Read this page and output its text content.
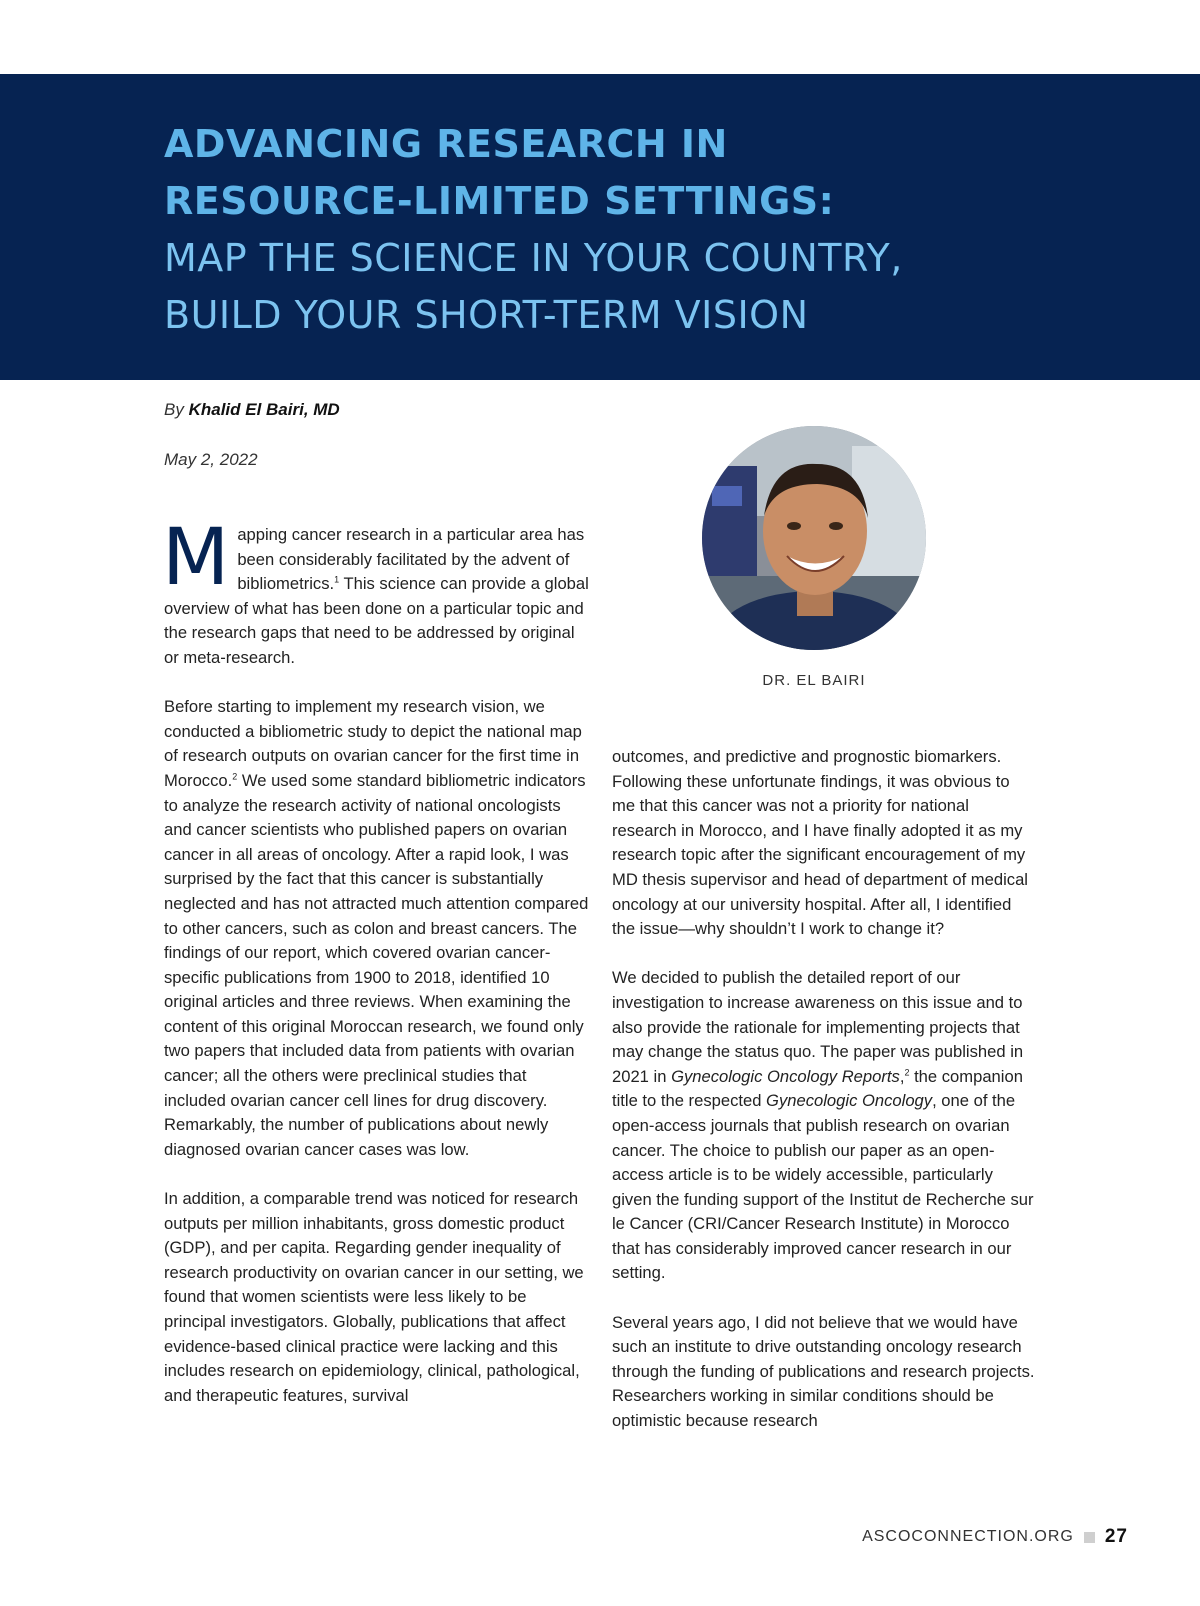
ADVANCING RESEARCH IN
RESOURCE-LIMITED SETTINGS:
MAP THE SCIENCE IN YOUR COUNTRY,
BUILD YOUR SHORT-TERM VISION
By Khalid El Bairi, MD
May 2, 2022
DR. EL BAIRI

Mapping cancer research in a particular area has been considerably facilitated by the advent of bibliometrics.$^1$ This science can provide a global overview of what has been done on a particular topic and the research gaps that need to be addressed by original or meta-research.

Before starting to implement my research vision, we conducted a bibliometric study to depict the national map of research outputs on ovarian cancer for the first time in Morocco.$^2$ We used some standard bibliometric indicators to analyze the research activity of national oncologists and cancer scientists who published papers on ovarian cancer in all areas of oncology. After a rapid look, I was surprised by the fact that this cancer is substantially neglected and has not attracted much attention compared to other cancers, such as colon and breast cancers. The findings of our report, which covered ovarian cancer-specific publications from 1900 to 2018, identified 10 original articles and three reviews. When examining the content of this original Moroccan research, we found only two papers that included data from patients with ovarian cancer; all the others were preclinical studies that included ovarian cancer cell lines for drug discovery. Remarkably, the number of publications about newly diagnosed ovarian cancer cases was low.

In addition, a comparable trend was noticed for research outputs per million inhabitants, gross domestic product (GDP), and per capita. Regarding gender inequality of research productivity on ovarian cancer in our setting, we found that women scientists were less likely to be principal investigators. Globally, publications that affect evidence-based clinical practice were lacking and this includes research on epidemiology, clinical, pathological, and therapeutic features, survival

outcomes, and predictive and prognostic biomarkers. Following these unfortunate findings, it was obvious to me that this cancer was not a priority for national research in Morocco, and I have finally adopted it as my research topic after the significant encouragement of my MD thesis supervisor and head of department of medical oncology at our university hospital. After all, I identified the issue—why shouldn’t I work to change it?

We decided to publish the detailed report of our investigation to increase awareness on this issue and to also provide the rationale for implementing projects that may change the status quo. The paper was published in 2021 in Gynecologic Oncology Reports,$^2$ the companion title to the respected Gynecologic Oncology, one of the open-access journals that publish research on ovarian cancer. The choice to publish our paper as an open-access article is to be widely accessible, particularly given the funding support of the Institut de Recherche sur le Cancer (CRI/Cancer Research Institute) in Morocco that has considerably improved cancer research in our setting.

Several years ago, I did not believe that we would have such an institute to drive outstanding oncology research through the funding of publications and research projects. Researchers working in similar conditions should be optimistic because research

ASCOCONNECTION.ORG 27
